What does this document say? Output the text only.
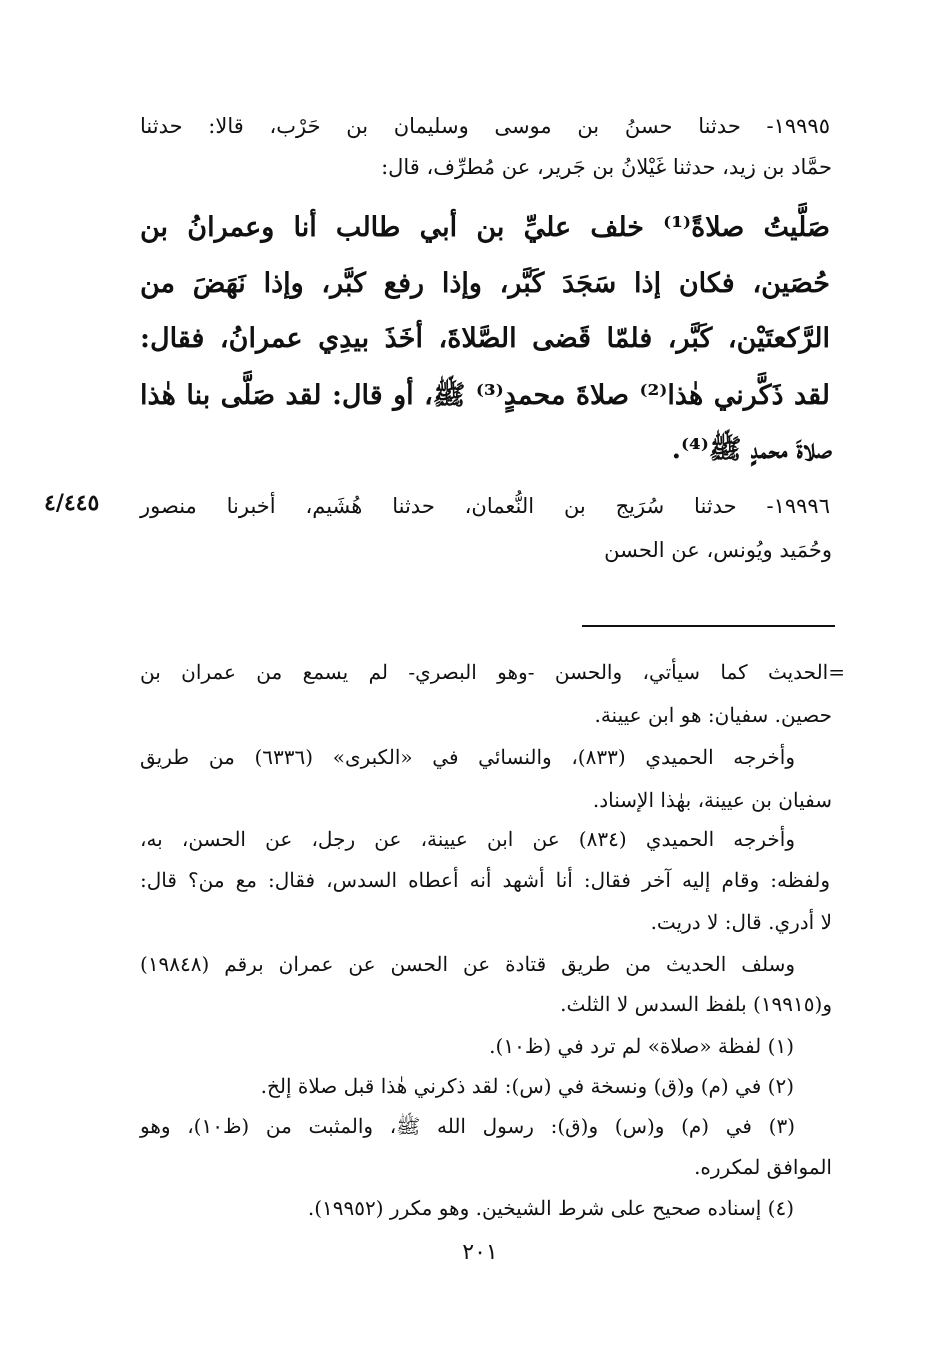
١٩٩٩٥- حدثنا حسنُ بن موسى وسليمان بن حَرْب، قالا: حدثنا
حمَّاد بن زيد، حدثنا غَيْلانُ بن جَرير، عن مُطرِّف، قال:
صَلَّيتُ صلاةً⁽¹⁾ خلف عليِّ بن أبي طالب أنا وعمرانُ بن
حُصَين، فكان إذا سَجَدَ كَبَّر، وإذا رفع كبَّر، وإذا نَهَضَ من
الرَّكعتَيْن، كَبَّر، فلمّا قَضى الصَّلاةَ، أخَذَ بيدِي عمرانُ، فقال:
لقد ذَكَّرني هٰذا⁽²⁾ صلاةَ محمدٍ⁽³⁾ ﷺ، أو قال: لقد صَلَّى بنا هٰذا
صلاةَ محمدٍ ﷺ⁽⁴⁾.
١٩٩٩٦- حدثنا سُرَيج بن النُّعمان، حدثنا هُشَيم، أخبرنا منصور
وحُمَيد ويُونس، عن الحسن
٤/٤٤٥
=الحديث كما سيأتي، والحسن -وهو البصري- لم يسمع من عمران بن
حصين. سفيان: هو ابن عيينة.
وأخرجه الحميدي (٨٣٣)، والنسائي في «الكبرى» (٦٣٣٦) من طريق
سفيان بن عيينة، بهٰذا الإسناد.
وأخرجه الحميدي (٨٣٤) عن ابن عيينة، عن رجل، عن الحسن، به،
ولفظه: وقام إليه آخر فقال: أنا أشهد أنه أعطاه السدس، فقال: مع من؟ قال:
لا أدري. قال: لا دريت.
وسلف الحديث من طريق قتادة عن الحسن عن عمران برقم (١٩٨٤٨)
و(١٩٩١٥) بلفظ السدس لا الثلث.
(١) لفظة «صلاة» لم ترد في (ظ١٠).
(٢) في (م) و(ق) ونسخة في (س): لقد ذكرني هٰذا قبل صلاة إلخ.
(٣) في (م) و(س) و(ق): رسول الله ﷺ، والمثبت من (ظ١٠)، وهو
الموافق لمكرره.
(٤) إسناده صحيح على شرط الشيخين. وهو مكرر (١٩٩٥٢).
٢٠١
